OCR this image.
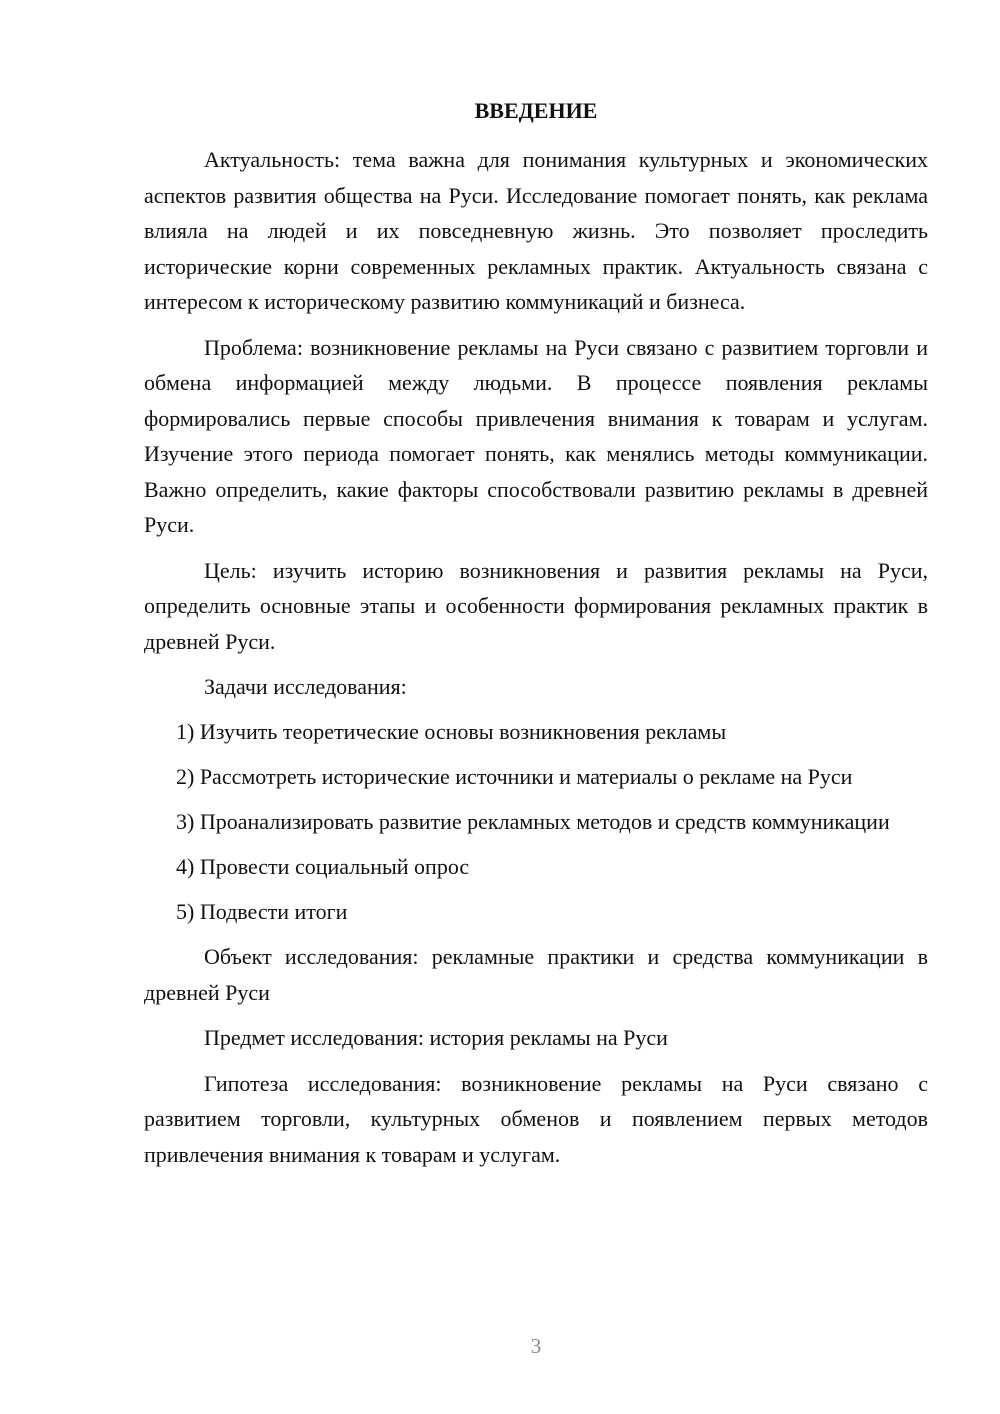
ВВЕДЕНИЕ

Актуальность: тема важна для понимания культурных и экономических аспектов развития общества на Руси. Исследование помогает понять, как реклама влияла на людей и их повседневную жизнь. Это позволяет проследить исторические корни современных рекламных практик. Актуальность связана с интересом к историческому развитию коммуникаций и бизнеса.

Проблема: возникновение рекламы на Руси связано с развитием торговли и обмена информацией между людьми. В процессе появления рекламы формировались первые способы привлечения внимания к товарам и услугам. Изучение этого периода помогает понять, как менялись методы коммуникации. Важно определить, какие факторы способствовали развитию рекламы в древней Руси.

Цель: изучить историю возникновения и развития рекламы на Руси, определить основные этапы и особенности формирования рекламных практик в древней Руси.

Задачи исследования:

1) Изучить теоретические основы возникновения рекламы

2) Рассмотреть исторические источники и материалы о рекламе на Руси

3) Проанализировать развитие рекламных методов и средств коммуникации

4) Провести социальный опрос

5) Подвести итоги

Объект исследования: рекламные практики и средства коммуникации в древней Руси

Предмет исследования: история рекламы на Руси

Гипотеза исследования: возникновение рекламы на Руси связано с развитием торговли, культурных обменов и появлением первых методов привлечения внимания к товарам и услугам.

3
